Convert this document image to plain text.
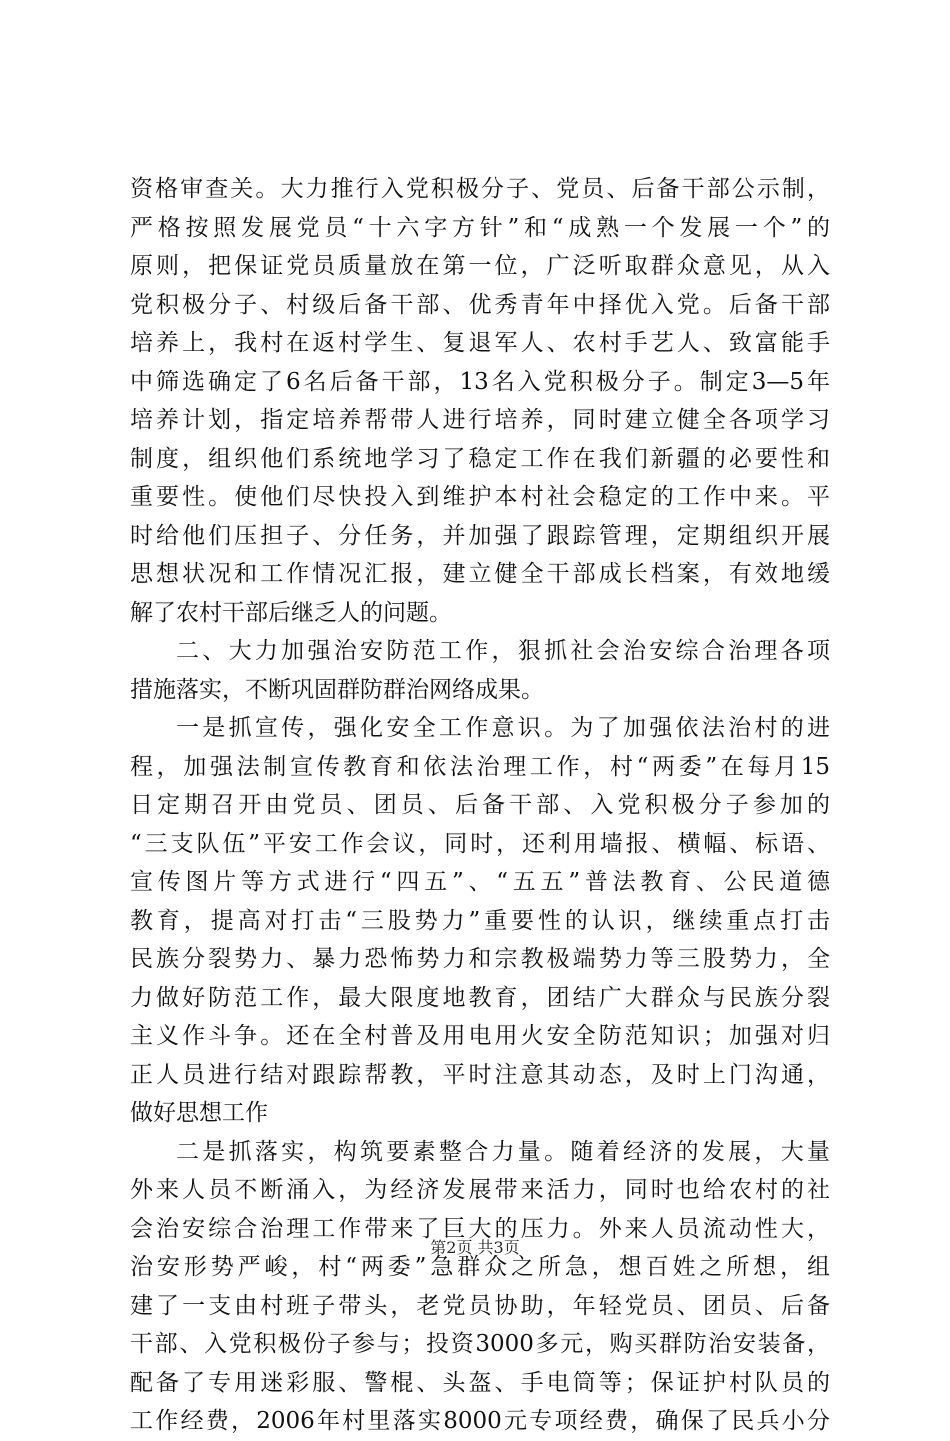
资格审查关。大力推行入党积极分子、党员、后备干部公示制，
严格按照发展党员“十六字方针”和“成熟一个发展一个”的
原则，把保证党员质量放在第一位，广泛听取群众意见，从入
党积极分子、村级后备干部、优秀青年中择优入党。后备干部
培养上，我村在返村学生、复退军人、农村手艺人、致富能手
中筛选确定了6名后备干部，13名入党积极分子。制定3—5年
培养计划，指定培养帮带人进行培养，同时建立健全各项学习
制度，组织他们系统地学习了稳定工作在我们新疆的必要性和
重要性。使他们尽快投入到维护本村社会稳定的工作中来。平
时给他们压担子、分任务，并加强了跟踪管理，定期组织开展
思想状况和工作情况汇报，建立健全干部成长档案，有效地缓
解了农村干部后继乏人的问题。
二、大力加强治安防范工作，狠抓社会治安综合治理各项
措施落实，不断巩固群防群治网络成果。
一是抓宣传，强化安全工作意识。为了加强依法治村的进
程，加强法制宣传教育和依法治理工作，村“两委”在每月15
日定期召开由党员、团员、后备干部、入党积极分子参加的
“三支队伍”平安工作会议，同时，还利用墙报、横幅、标语、
宣传图片等方式进行“四五”、“五五”普法教育、公民道德
教育，提高对打击“三股势力”重要性的认识，继续重点打击
民族分裂势力、暴力恐怖势力和宗教极端势力等三股势力，全
力做好防范工作，最大限度地教育，团结广大群众与民族分裂
主义作斗争。还在全村普及用电用火安全防范知识；加强对归
正人员进行结对跟踪帮教，平时注意其动态，及时上门沟通，
做好思想工作
二是抓落实，构筑要素整合力量。随着经济的发展，大量
外来人员不断涌入，为经济发展带来活力，同时也给农村的社
会治安综合治理工作带来了巨大的压力。外来人员流动性大，
治安形势严峻，村“两委”急群众之所急，想百姓之所想，组
建了一支由村班子带头，老党员协助，年轻党员、团员、后备
干部、入党积极份子参与；投资3000多元，购买群防治安装备，
配备了专用迷彩服、警棍、头盔、手电筒等；保证护村队员的
工作经费，2006年村里落实8000元专项经费，确保了民兵小分
第2页 共3页
